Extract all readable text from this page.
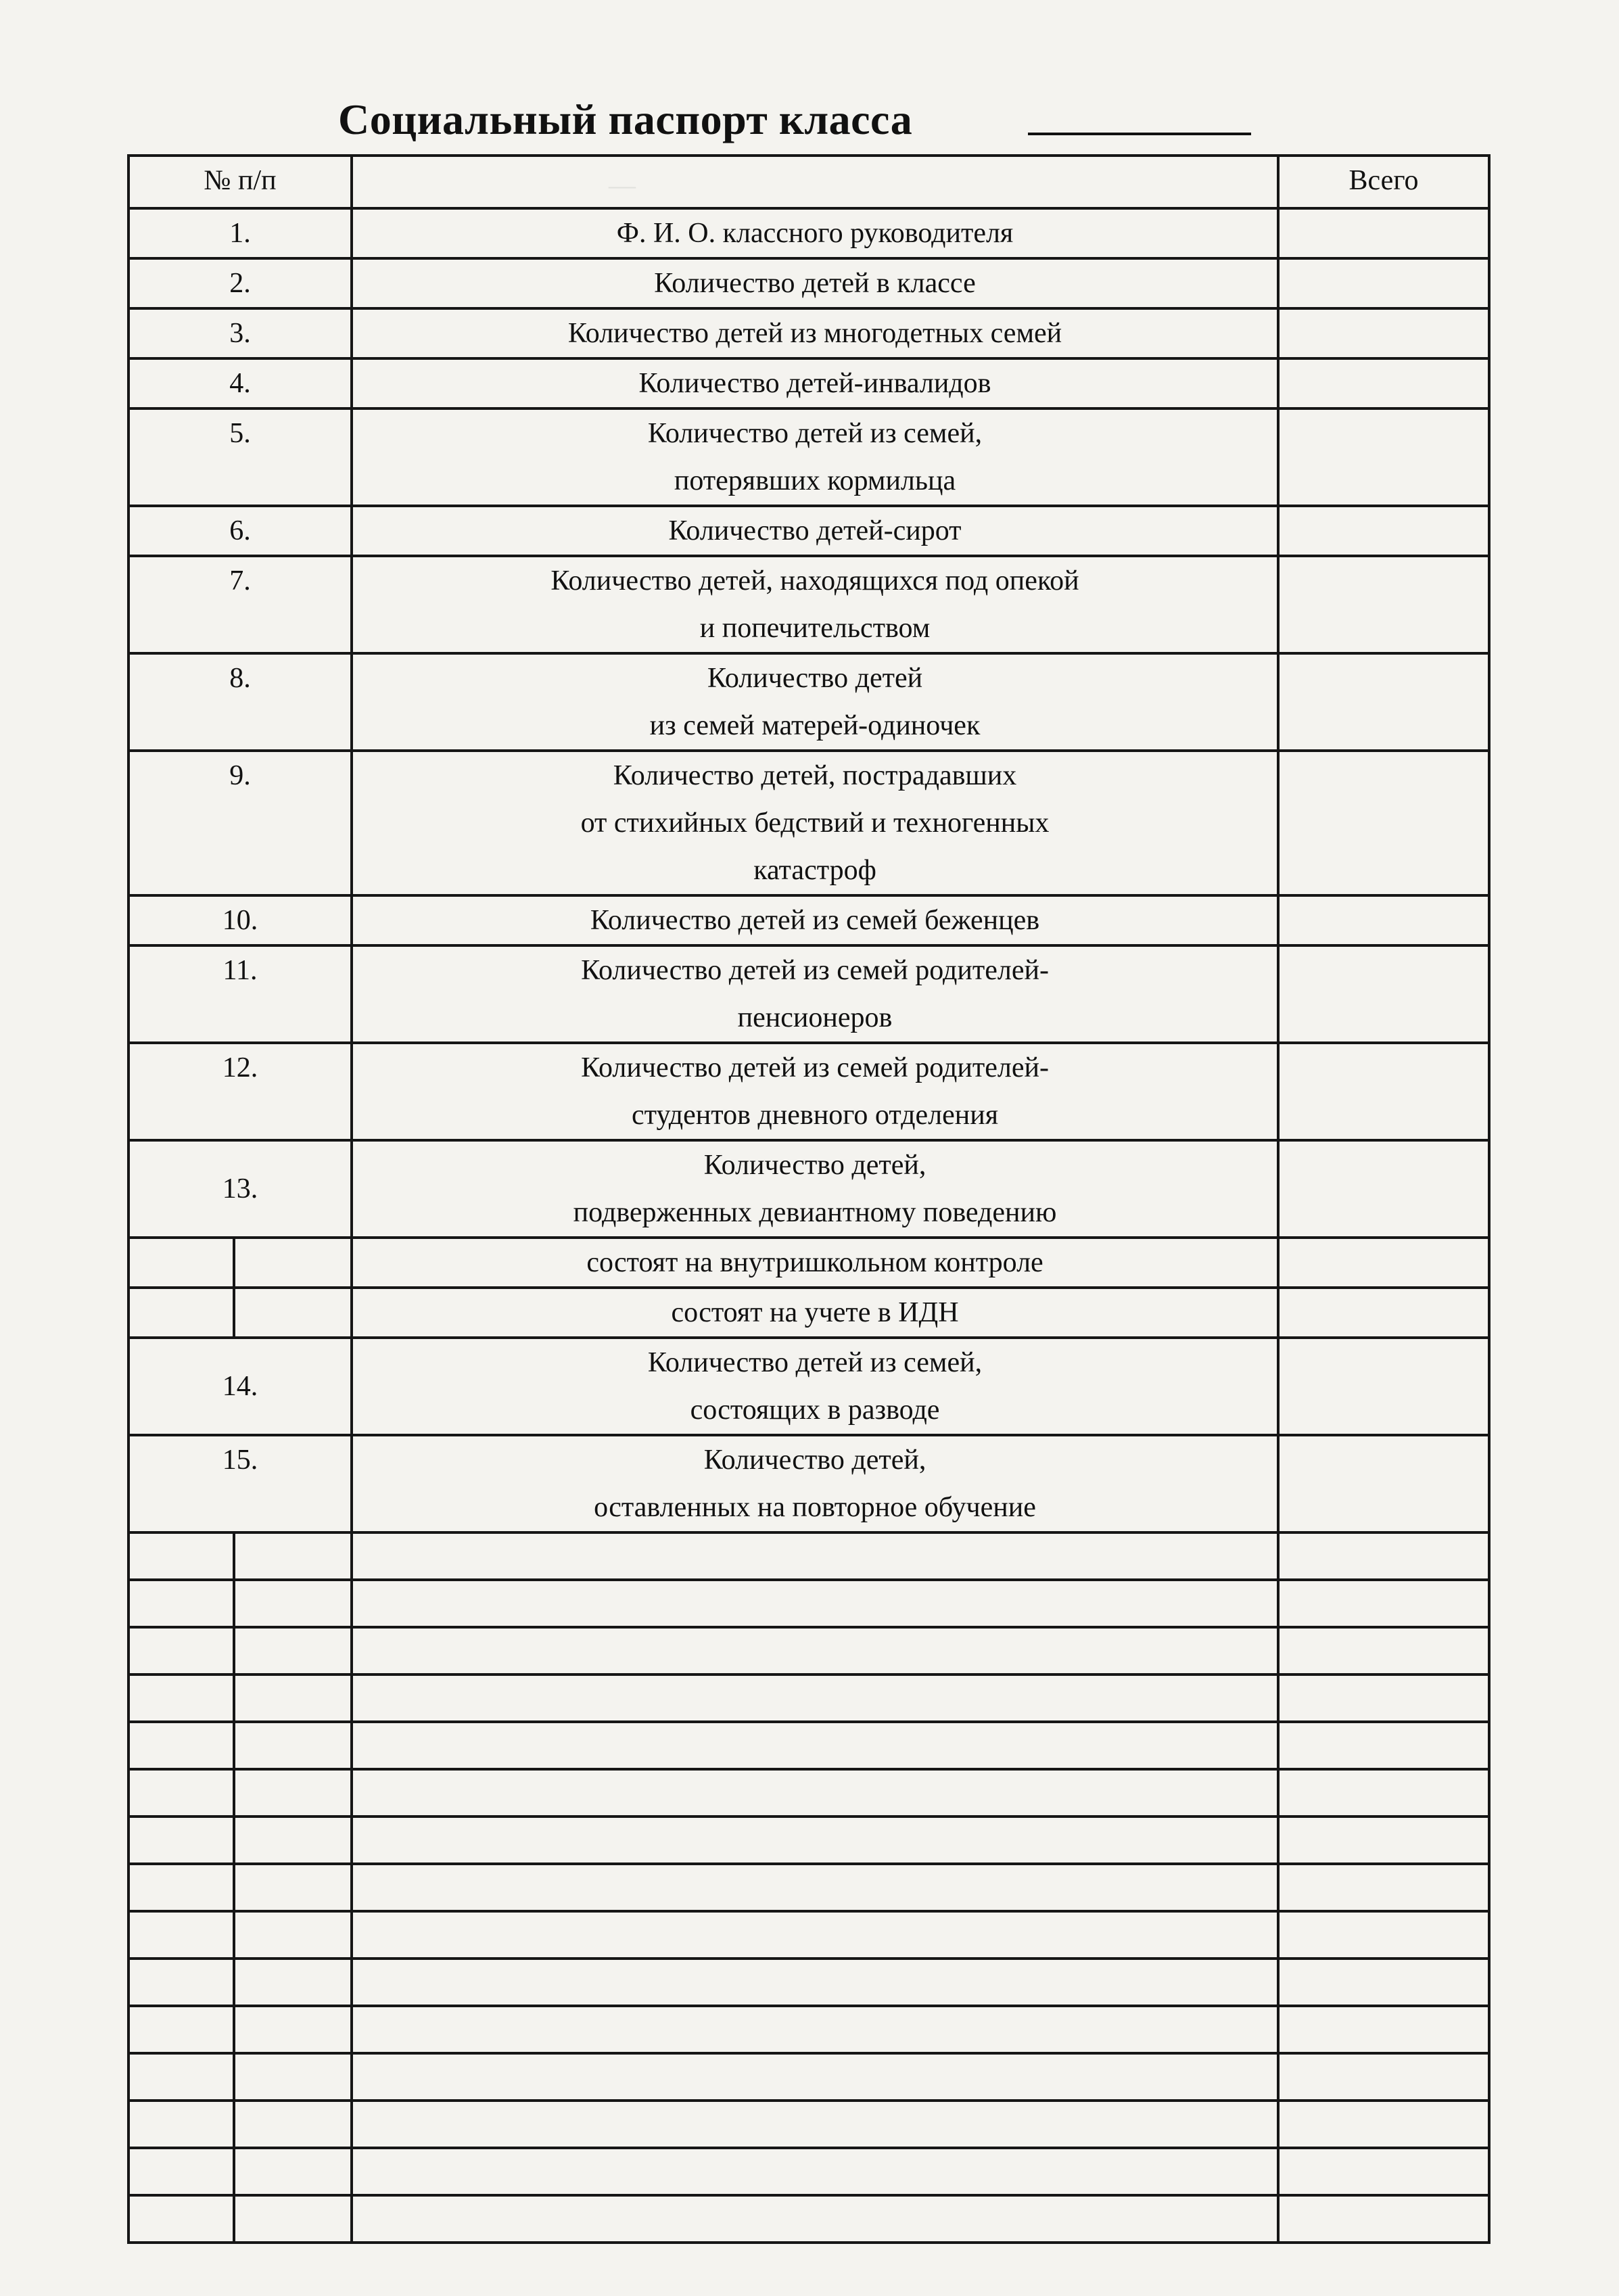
Социальный паспорт класса
—
№ п/п			Всего
1.		Ф. И. О. классного руководителя	

2.		Количество детей в классе	

3.		Количество детей из многодетных семей	

4.		Количество детей-инвалидов	

5.		Количество детей из семей,
потерявших кормильца	

6.		Количество детей-сирот	

7.		Количество детей, находящихся под опекой
и попечительством	

8.		Количество детей
из семей матерей-одиночек	

9.		Количество детей, пострадавших
от стихийных бедствий и техногенных
катастроф	

10.		Количество детей из семей беженцев	

11.		Количество детей из семей родителей-
пенсионеров	

12.		Количество детей из семей родителей-
студентов дневного отделения	

13.		Количество детей,
подверженных девиантному поведению	

		состоят на внутришкольном контроле	

		состоят на учете в ИДН	

14.		Количество детей из семей,
состоящих в разводе	

15.		Количество детей,
оставленных на повторное обучение	
